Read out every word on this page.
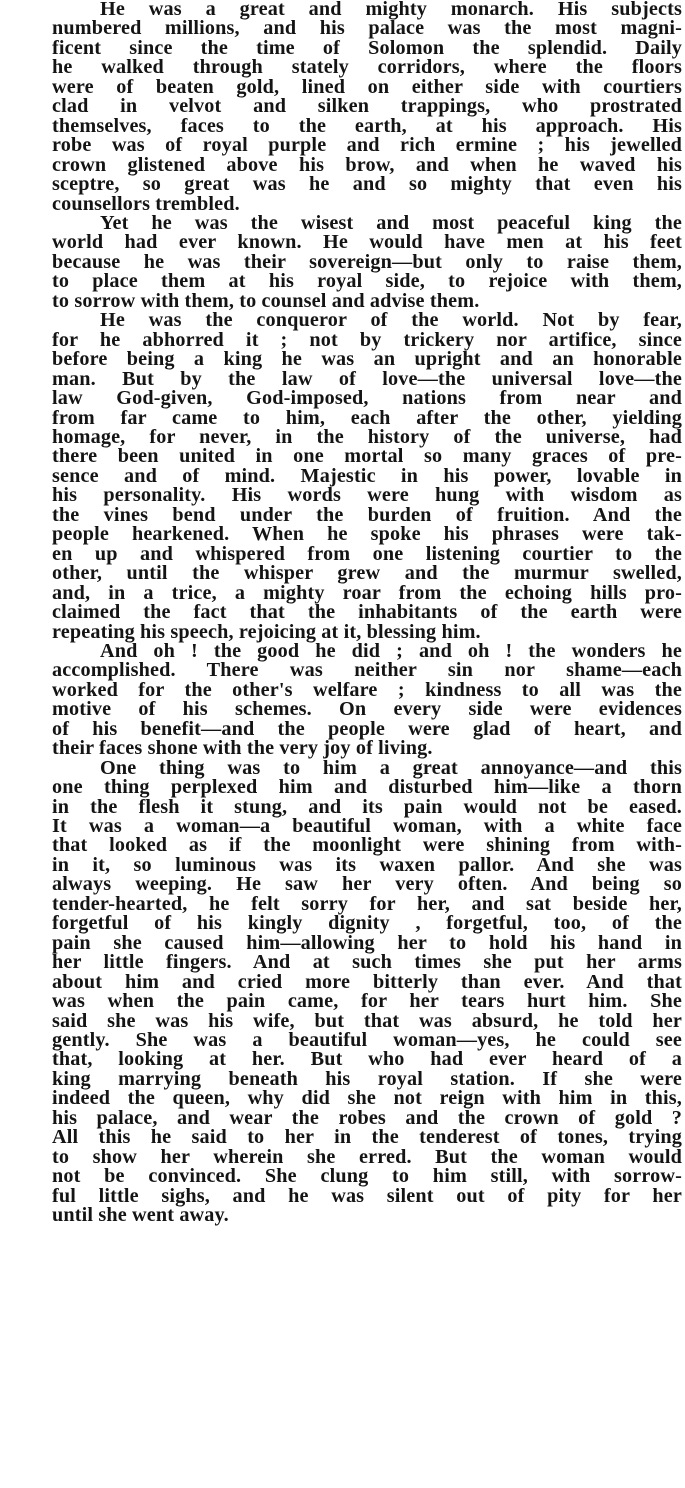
He was a great and mighty monarch. His subjects
numbered millions, and his palace was the most magni-
ficent since the time of Solomon the splendid. Daily
he walked through stately corridors, where the floors
were of beaten gold, lined on either side with courtiers
clad in velvot and silken trappings, who prostrated
themselves, faces to the earth, at his approach. His
robe was of royal purple and rich ermine ; his jewelled
crown glistened above his brow, and when he waved his
sceptre, so great was he and so mighty that even his
counsellors trembled.
Yet he was the wisest and most peaceful king the
world had ever known. He would have men at his feet
because he was their sovereign—but only to raise them,
to place them at his royal side, to rejoice with them,
to sorrow with them, to counsel and advise them.
He was the conqueror of the world. Not by fear,
for he abhorred it ; not by trickery nor artifice, since
before being a king he was an upright and an honorable
man. But by the law of love—the universal love—the
law God-given, God-imposed, nations from near and
from far came to him, each after the other, yielding
homage, for never, in the history of the universe, had
there been united in one mortal so many graces of pre-
sence and of mind. Majestic in his power, lovable in
his personality. His words were hung with wisdom as
the vines bend under the burden of fruition. And the
people hearkened. When he spoke his phrases were tak-
en up and whispered from one listening courtier to the
other, until the whisper grew and the murmur swelled,
and, in a trice, a mighty roar from the echoing hills pro-
claimed the fact that the inhabitants of the earth were
repeating his speech, rejoicing at it, blessing him.
And oh ! the good he did ; and oh ! the wonders he
accomplished. There was neither sin nor shame—each
worked for the other's welfare ; kindness to all was the
motive of his schemes. On every side were evidences
of his benefit—and the people were glad of heart, and
their faces shone with the very joy of living.
One thing was to him a great annoyance—and this
one thing perplexed him and disturbed him—like a thorn
in the flesh it stung, and its pain would not be eased.
It was a woman—a beautiful woman, with a white face
that looked as if the moonlight were shining from with-
in it, so luminous was its waxen pallor. And she was
always weeping. He saw her very often. And being so
tender-hearted, he felt sorry for her, and sat beside her,
forgetful of his kingly dignity , forgetful, too, of the
pain she caused him—allowing her to hold his hand in
her little fingers. And at such times she put her arms
about him and cried more bitterly than ever. And that
was when the pain came, for her tears hurt him. She
said she was his wife, but that was absurd, he told her
gently. She was a beautiful woman—yes, he could see
that, looking at her. But who had ever heard of a
king marrying beneath his royal station. If she were
indeed the queen, why did she not reign with him in this,
his palace, and wear the robes and the crown of gold ?
All this he said to her in the tenderest of tones, trying
to show her wherein she erred. But the woman would
not be convinced. She clung to him still, with sorrow-
ful little sighs, and he was silent out of pity for her
until she went away.
